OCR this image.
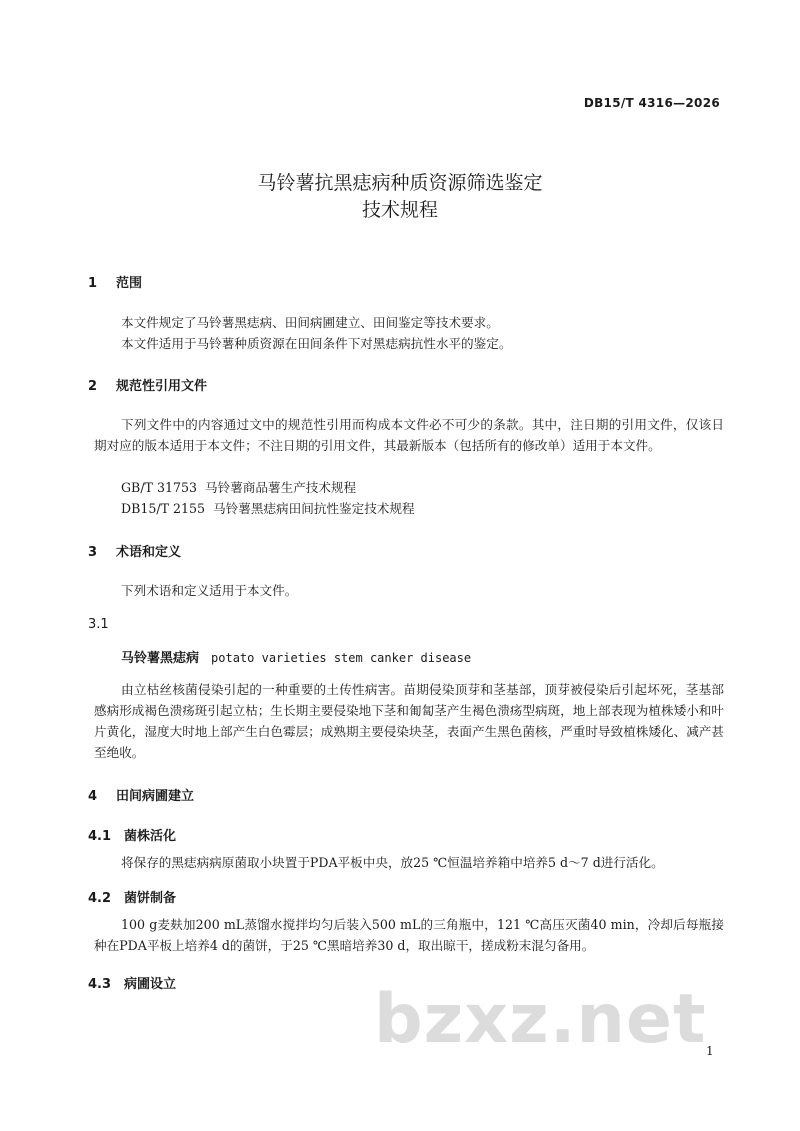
DB15/T 4316—2026
马铃薯抗黑痣病种质资源筛选鉴定
技术规程
1 范围
本文件规定了马铃薯黑痣病、田间病圃建立、田间鉴定等技术要求。
本文件适用于马铃薯种质资源在田间条件下对黑痣病抗性水平的鉴定。
2 规范性引用文件
下列文件中的内容通过文中的规范性引用而构成本文件必不可少的条款。其中，注日期的引用文件，仅该日期对应的版本适用于本文件；不注日期的引用文件，其最新版本（包括所有的修改单）适用于本文件。
GB/T 31753  马铃薯商品薯生产技术规程
DB15/T 2155  马铃薯黑痣病田间抗性鉴定技术规程
3 术语和定义
下列术语和定义适用于本文件。
3.1
马铃薯黑痣病 potato varieties stem canker disease
由立枯丝核菌侵染引起的一种重要的土传性病害。苗期侵染顶芽和茎基部，顶芽被侵染后引起坏死，茎基部感病形成褐色溃疡斑引起立枯；生长期主要侵染地下茎和匍匐茎产生褐色溃疡型病斑，地上部表现为植株矮小和叶片黄化，湿度大时地上部产生白色霉层；成熟期主要侵染块茎，表面产生黑色菌核，严重时导致植株矮化、减产甚至绝收。
4 田间病圃建立
4.1 菌株活化
将保存的黑痣病病原菌取小块置于PDA平板中央，放25 ℃恒温培养箱中培养5 d～7 d进行活化。
4.2 菌饼制备
100 g麦麸加200 mL蒸馏水搅拌均匀后装入500 mL的三角瓶中，121 ℃高压灭菌40 min，冷却后每瓶接种在PDA平板上培养4 d的菌饼，于25 ℃黑暗培养30 d，取出晾干，搓成粉末混匀备用。
4.3 病圃设立	bzxz.net 1
